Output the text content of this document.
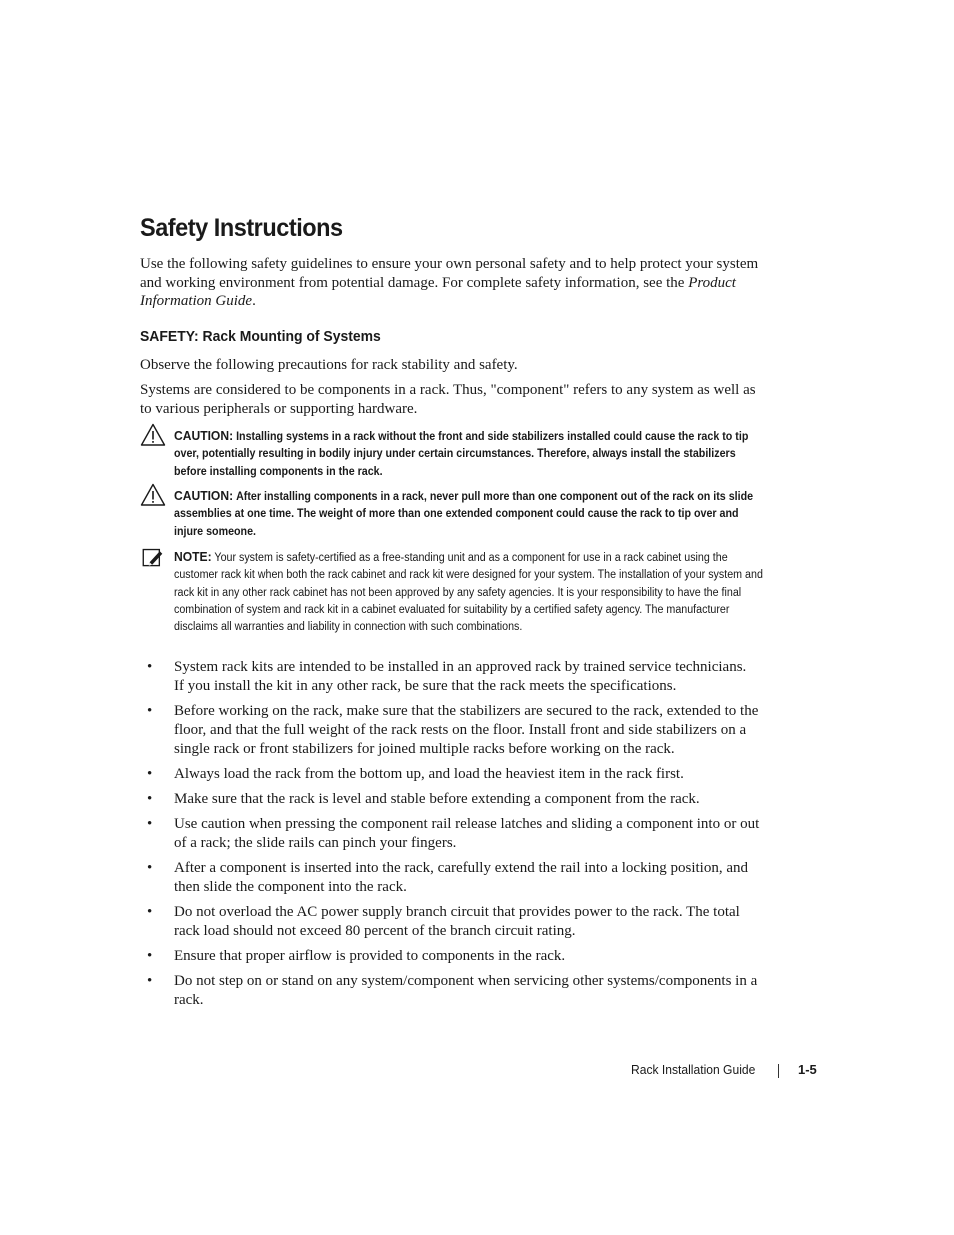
Safety Instructions

Use the following safety guidelines to ensure your own personal safety and to help protect your system and working environment from potential damage. For complete safety information, see the Product Information Guide.

SAFETY: Rack Mounting of Systems

Observe the following precautions for rack stability and safety.

Systems are considered to be components in a rack. Thus, "component" refers to any system as well as to various peripherals or supporting hardware.

CAUTION: Installing systems in a rack without the front and side stabilizers installed could cause the rack to tip over, potentially resulting in bodily injury under certain circumstances. Therefore, always install the stabilizers before installing components in the rack.
CAUTION: After installing components in a rack, never pull more than one component out of the rack on its slide assemblies at one time. The weight of more than one extended component could cause the rack to tip over and injure someone.
NOTE: Your system is safety-certified as a free-standing unit and as a component for use in a rack cabinet using the customer rack kit when both the rack cabinet and rack kit were designed for your system. The installation of your system and rack kit in any other rack cabinet has not been approved by any safety agencies. It is your responsibility to have the final combination of system and rack kit in a cabinet evaluated for suitability by a certified safety agency. The manufacturer disclaims all warranties and liability in connection with such combinations.
• System rack kits are intended to be installed in an approved rack by trained service technicians. If you install the kit in any other rack, be sure that the rack meets the specifications.
• Before working on the rack, make sure that the stabilizers are secured to the rack, extended to the floor, and that the full weight of the rack rests on the floor. Install front and side stabilizers on a single rack or front stabilizers for joined multiple racks before working on the rack.
• Always load the rack from the bottom up, and load the heaviest item in the rack first.
• Make sure that the rack is level and stable before extending a component from the rack.
• Use caution when pressing the component rail release latches and sliding a component into or out of a rack; the slide rails can pinch your fingers.
• After a component is inserted into the rack, carefully extend the rail into a locking position, and then slide the component into the rack.
• Do not overload the AC power supply branch circuit that provides power to the rack. The total rack load should not exceed 80 percent of the branch circuit rating.
• Ensure that proper airflow is provided to components in the rack.
• Do not step on or stand on any system/component when servicing other systems/components in a rack.
Rack Installation Guide	1-5
